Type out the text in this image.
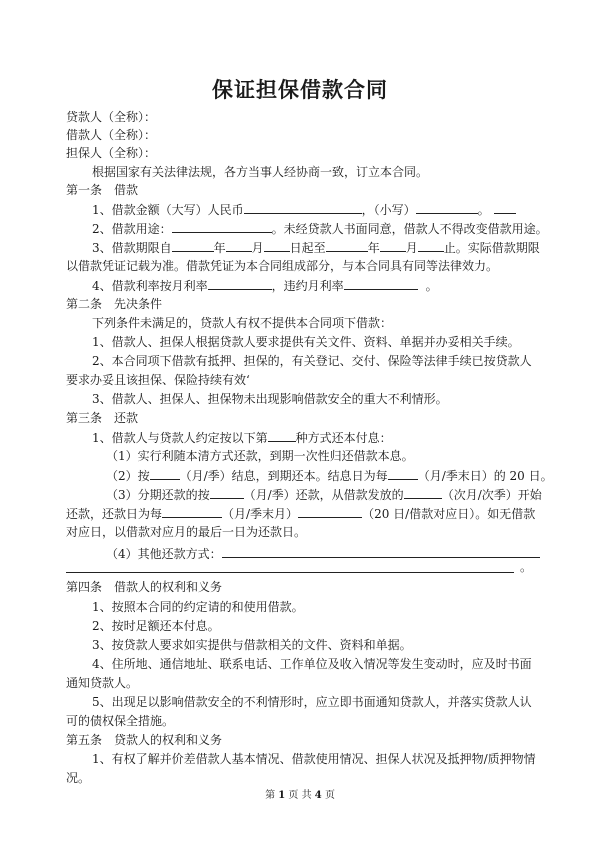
保证担保借款合同
贷款人（全称）：
借款人（全称）：
担保人（全称）：
根据国家有关法律法规，各方当事人经协商一致，订立本合同。
第一条　借款
1、借款金额（大写）人民币	，（小写）	。
2、借款用途：	。未经贷款人书面同意，借款人不得改变借款用途。
3、借款期限自	年 月 日起至	年 月 止。实际借款期限
以借款凭证记载为准。借款凭证为本合同组成部分，与本合同具有同等法律效力。
4、借款利率按月利率	，违约月利率	。
第二条　先决条件
下列条件未满足的，贷款人有权不提供本合同项下借款：
1、借款人、担保人根据贷款人要求提供有关文件、资料、单据并办妥相关手续。
2、本合同项下借款有抵押、担保的，有关登记、交付、保险等法律手续已按贷款人
要求办妥且该担保、保险持续有效‘
3、借款人、担保人、担保物未出现影响借款安全的重大不利情形。
第三条　还款
1、借款人与贷款人约定按以下第 种方式还本付息：
（1）实行利随本清方式还款，到期一次性归还借款本息。
（2）按	（月/季）结息，到期还本。结息日为每	（月/季末日）的 20 日。
（3）分期还款的按	（月/季）还款，从借款发放的	（次月/次季）开始
还款，还款日为每	（月/季末月）	（20 日/借款对应日）。如无借款
对应日，以借款对应月的最后一日为还款日。
（4）其他还款方式：
。
第四条　借款人的权利和义务
1、按照本合同的约定请的和使用借款。
2、按时足额还本付息。
3、按贷款人要求如实提供与借款相关的文件、资料和单据。
4、住所地、通信地址、联系电话、工作单位及收入情况等发生变动时，应及时书面
通知贷款人。
5、出现足以影响借款安全的不利情形时，应立即书面通知贷款人，并落实贷款人认
可的债权保全措施。
第五条　贷款人的权利和义务
1、有权了解并价差借款人基本情况、借款使用情况、担保人状况及抵押物/质押物情
况。
第 1 页 共 4 页
